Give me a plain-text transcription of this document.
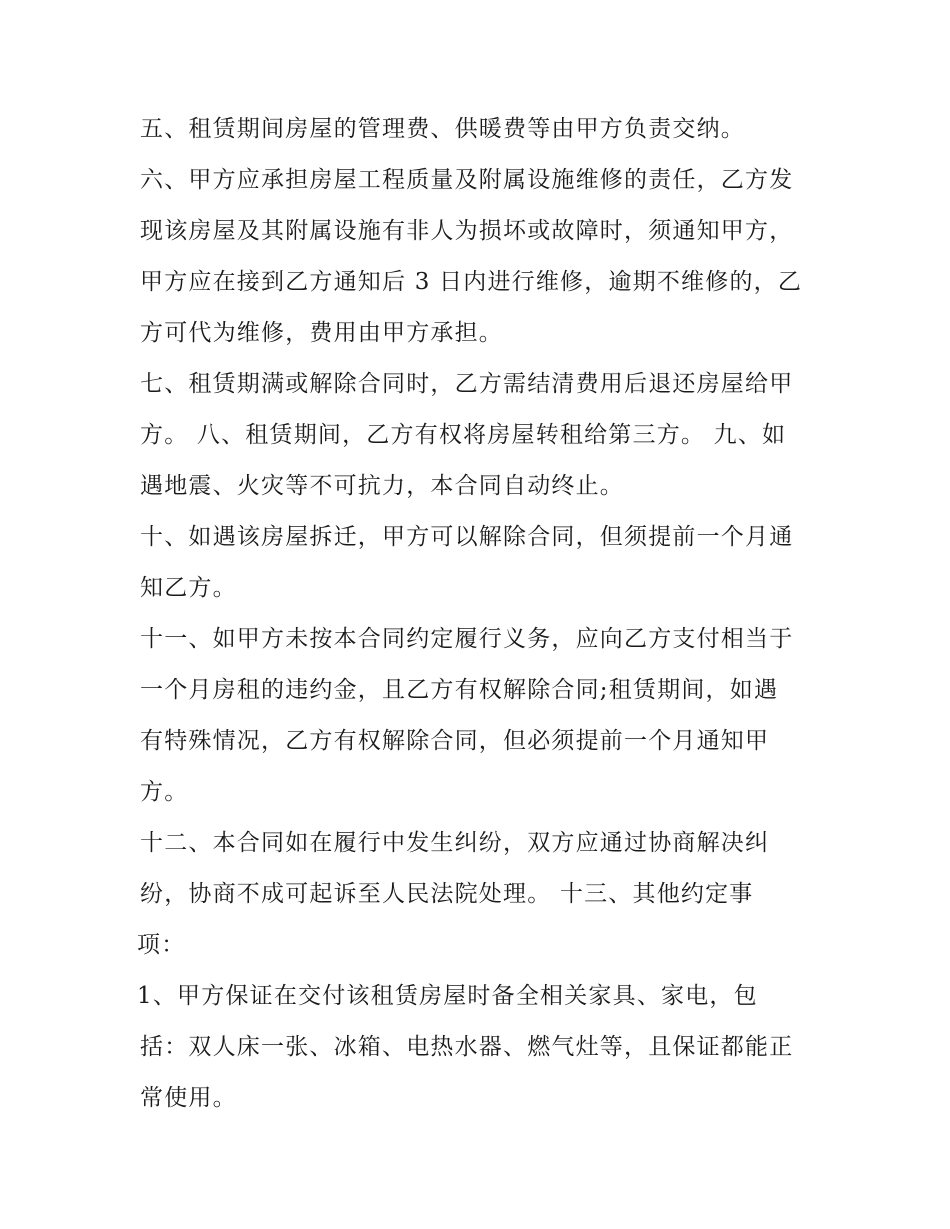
五、租赁期间房屋的管理费、供暖费等由甲方负责交纳。
六、甲方应承担房屋工程质量及附属设施维修的责任，乙方发
现该房屋及其附属设施有非人为损坏或故障时，须通知甲方，
甲方应在接到乙方通知后 3 日内进行维修，逾期不维修的，乙
方可代为维修，费用由甲方承担。
七、租赁期满或解除合同时，乙方需结清费用后退还房屋给甲
方。 八、租赁期间，乙方有权将房屋转租给第三方。 九、如
遇地震、火灾等不可抗力，本合同自动终止。
十、如遇该房屋拆迁，甲方可以解除合同，但须提前一个月通
知乙方。
十一、如甲方未按本合同约定履行义务，应向乙方支付相当于
一个月房租的违约金，且乙方有权解除合同;租赁期间，如遇
有特殊情况，乙方有权解除合同，但必须提前一个月通知甲
方。
十二、本合同如在履行中发生纠纷，双方应通过协商解决纠
纷，协商不成可起诉至人民法院处理。 十三、其他约定事
项：
1、甲方保证在交付该租赁房屋时备全相关家具、家电，包
括：双人床一张、冰箱、电热水器、燃气灶等，且保证都能正
常使用。
